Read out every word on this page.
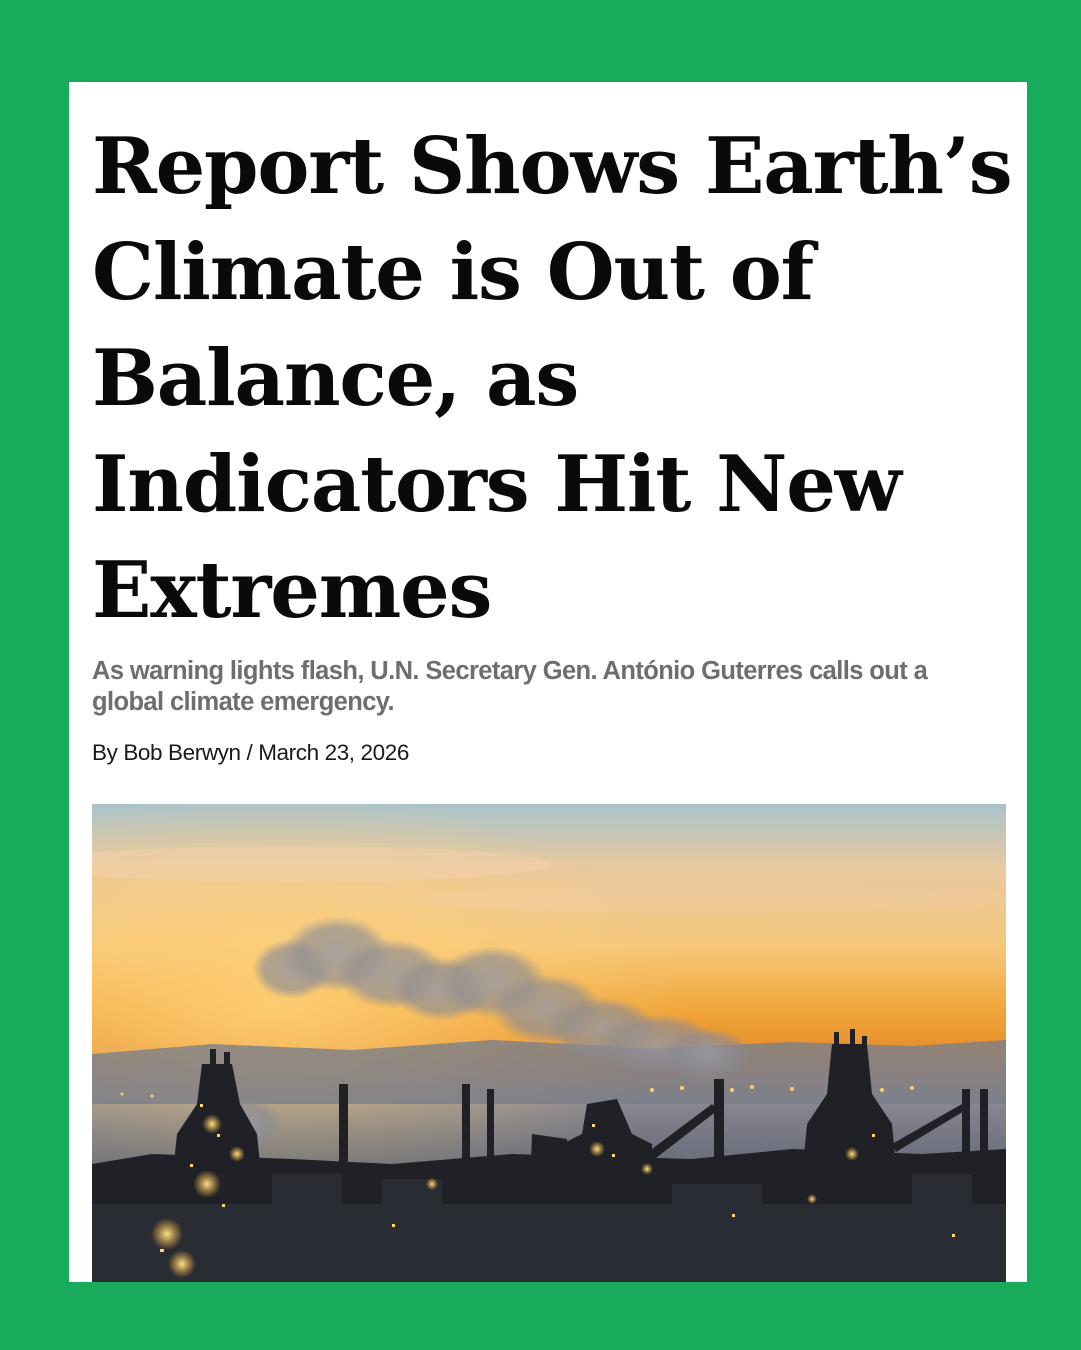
Report Shows Earth’s Climate is Out of Balance, as Indicators Hit New Extremes

As warning lights flash, U.N. Secretary Gen. António Guterres calls out a global climate emergency.

By Bob Berwyn / March 23, 2026
